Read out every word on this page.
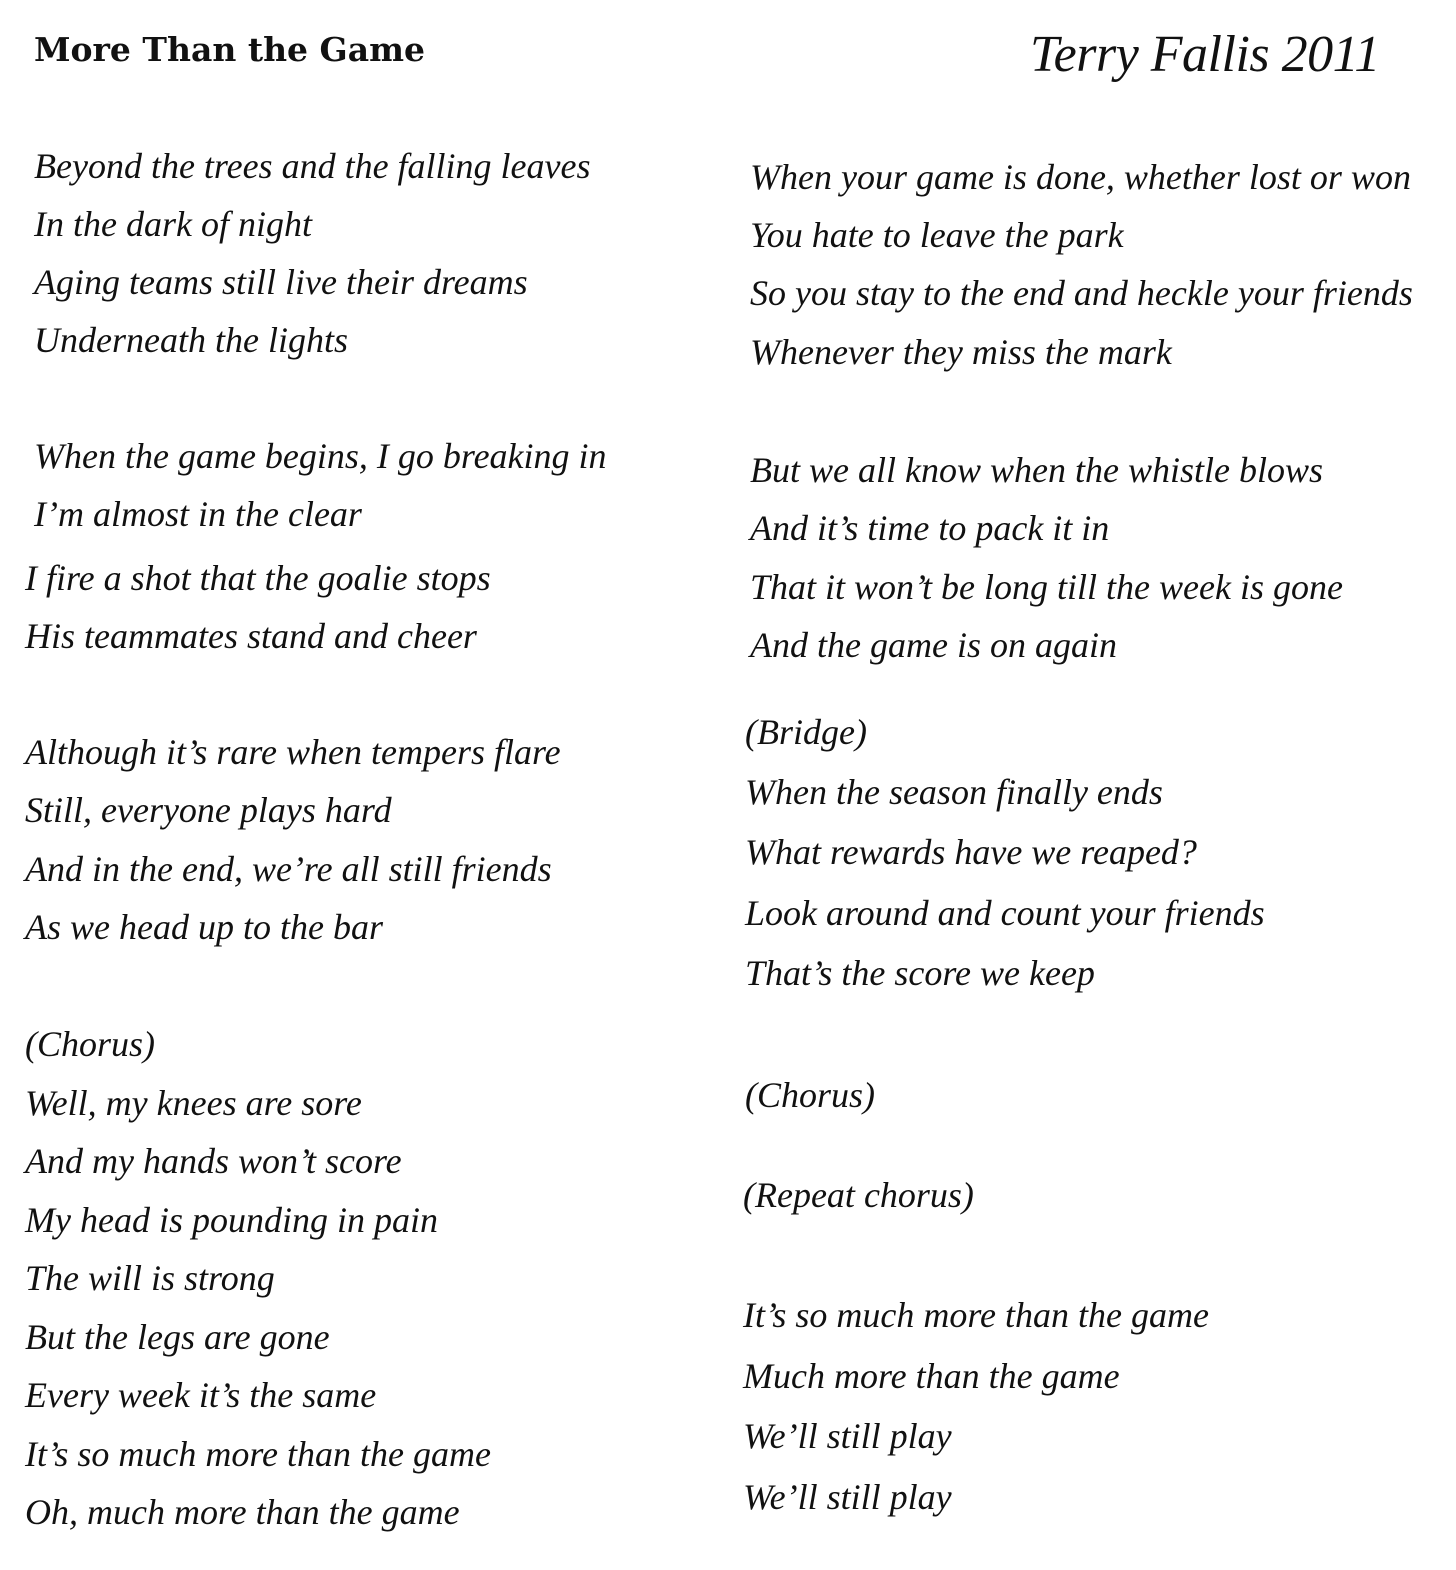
More Than the Game	Terry Fallis 2011
Beyond the trees and the falling leaves
In the dark of night
Aging teams still live their dreams
Underneath the lights
When the game begins, I go breaking in
I’m almost in the clear
I fire a shot that the goalie stops
His teammates stand and cheer
Although it’s rare when tempers flare
Still, everyone plays hard
And in the end, we’re all still friends
As we head up to the bar
(Chorus)
Well, my knees are sore
And my hands won’t score
My head is pounding in pain
The will is strong
But the legs are gone
Every week it’s the same
It’s so much more than the game
Oh, much more than the game
When your game is done, whether lost or won
You hate to leave the park
So you stay to the end and heckle your friends
Whenever they miss the mark
But we all know when the whistle blows
And it’s time to pack it in
That it won’t be long till the week is gone
And the game is on again
(Bridge)
When the season finally ends
What rewards have we reaped?
Look around and count your friends
That’s the score we keep
(Chorus)
(Repeat chorus)
It’s so much more than the game
Much more than the game
We’ll still play
We’ll still play
